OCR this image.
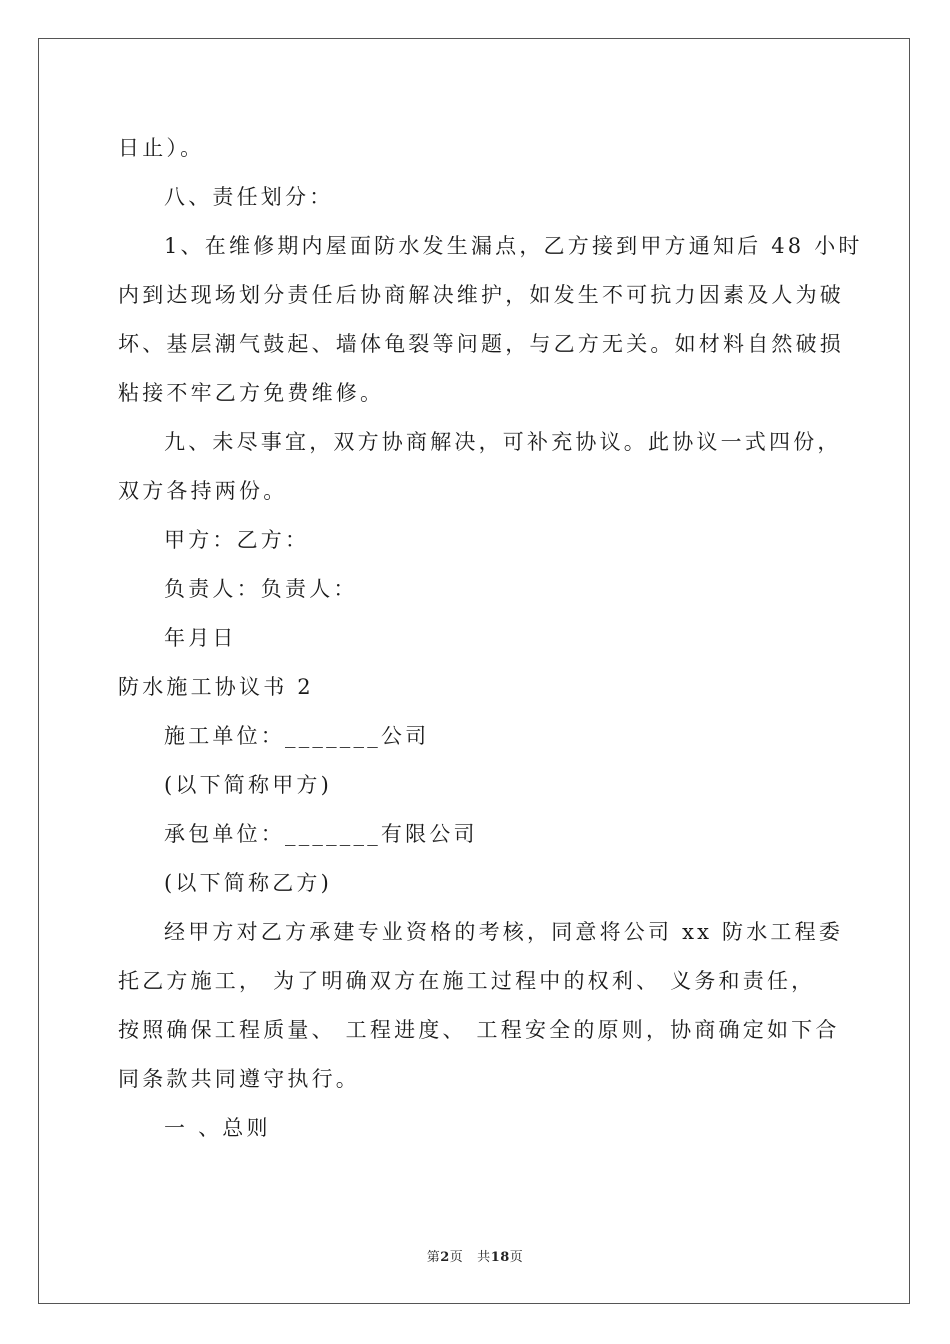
日止）。
八、责任划分：
1、在维修期内屋面防水发生漏点，乙方接到甲方通知后 48 小时
内到达现场划分责任后协商解决维护，如发生不可抗力因素及人为破
坏、基层潮气鼓起、墙体龟裂等问题，与乙方无关。如材料自然破损
粘接不牢乙方免费维修。
九、未尽事宜，双方协商解决，可补充协议。此协议一式四份，
双方各持两份。
甲方：乙方：
负责人：负责人：
年月日
防水施工协议书 2
施工单位：_______公司
(以下简称甲方)
承包单位：_______有限公司
(以下简称乙方)
经甲方对乙方承建专业资格的考核，同意将公司 xx 防水工程委
托乙方施工， 为了明确双方在施工过程中的权利、 义务和责任，
按照确保工程质量、 工程进度、 工程安全的原则，协商确定如下合
同条款共同遵守执行。
一 、总则
第2页 共18页
